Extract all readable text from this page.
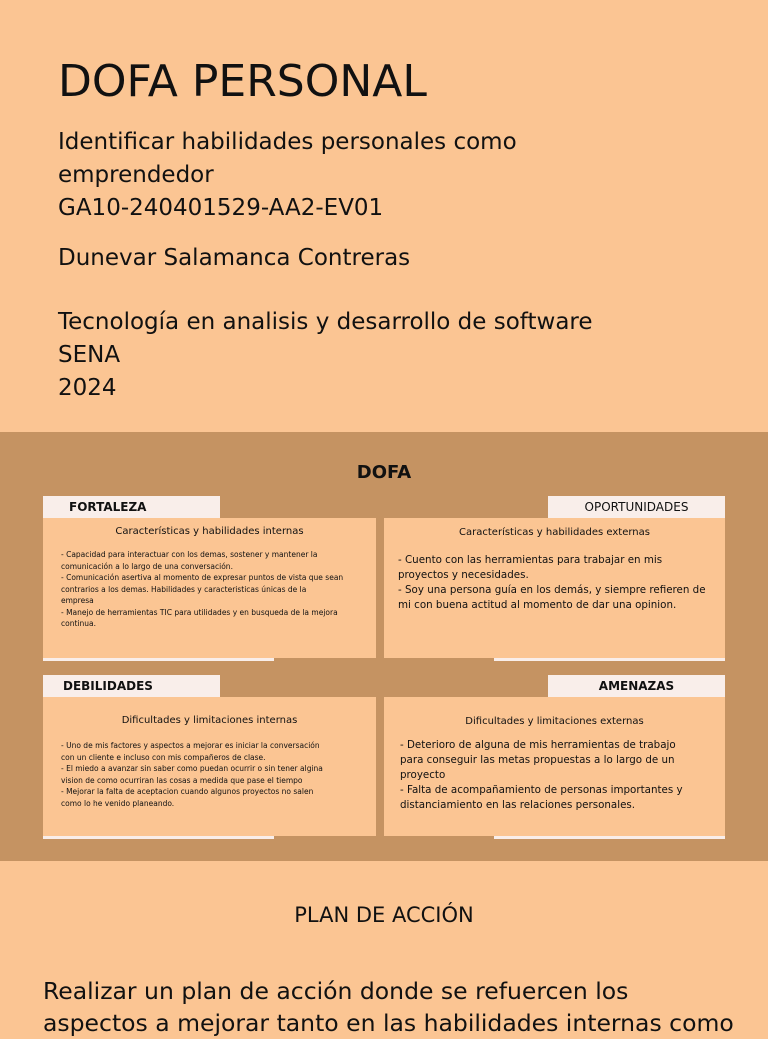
DOFA PERSONAL
Identificar habilidades personales como
emprendedor
GA10-240401529-AA2-EV01
Dunevar Salamanca Contreras
Tecnología en analisis y desarrollo de software
SENA
2024
DOFA
FORTALEZA
Características y habilidades internas
- Capacidad para interactuar con los demas, sostener y mantener la
comunicación a lo largo de una conversación.
- Comunicación asertiva al momento de expresar puntos de vista que sean
contrarios a los demas. Habilidades y caracteristicas únicas de la
empresa
- Manejo de herramientas TIC para utilidades y en busqueda de la mejora
continua.
OPORTUNIDADES
Características y habilidades externas
- Cuento con las herramientas para trabajar en mis
proyectos y necesidades.
- Soy una persona guía en los demás, y siempre refieren de
mi con buena actitud al momento de dar una opinion.
DEBILIDADES
Dificultades y limitaciones internas
- Uno de mis factores y aspectos a mejorar es iniciar la conversación
con un cliente e incluso con mis compañeros de clase.
- El miedo a avanzar sin saber como puedan ocurrir o sin tener algina
vision de como ocurriran las cosas a medida que pase el tiempo
- Mejorar la falta de aceptacion cuando algunos proyectos no salen
como lo he venido planeando.
AMENAZAS
Dificultades y limitaciones externas
- Deterioro de alguna de mis herramientas de trabajo
para conseguir las metas propuestas a lo largo de un
proyecto
- Falta de acompañamiento de personas importantes y
distanciamiento en las relaciones personales.
PLAN DE ACCIÓN
Realizar un plan de acción donde se refuercen los
aspectos a mejorar tanto en las habilidades internas como
